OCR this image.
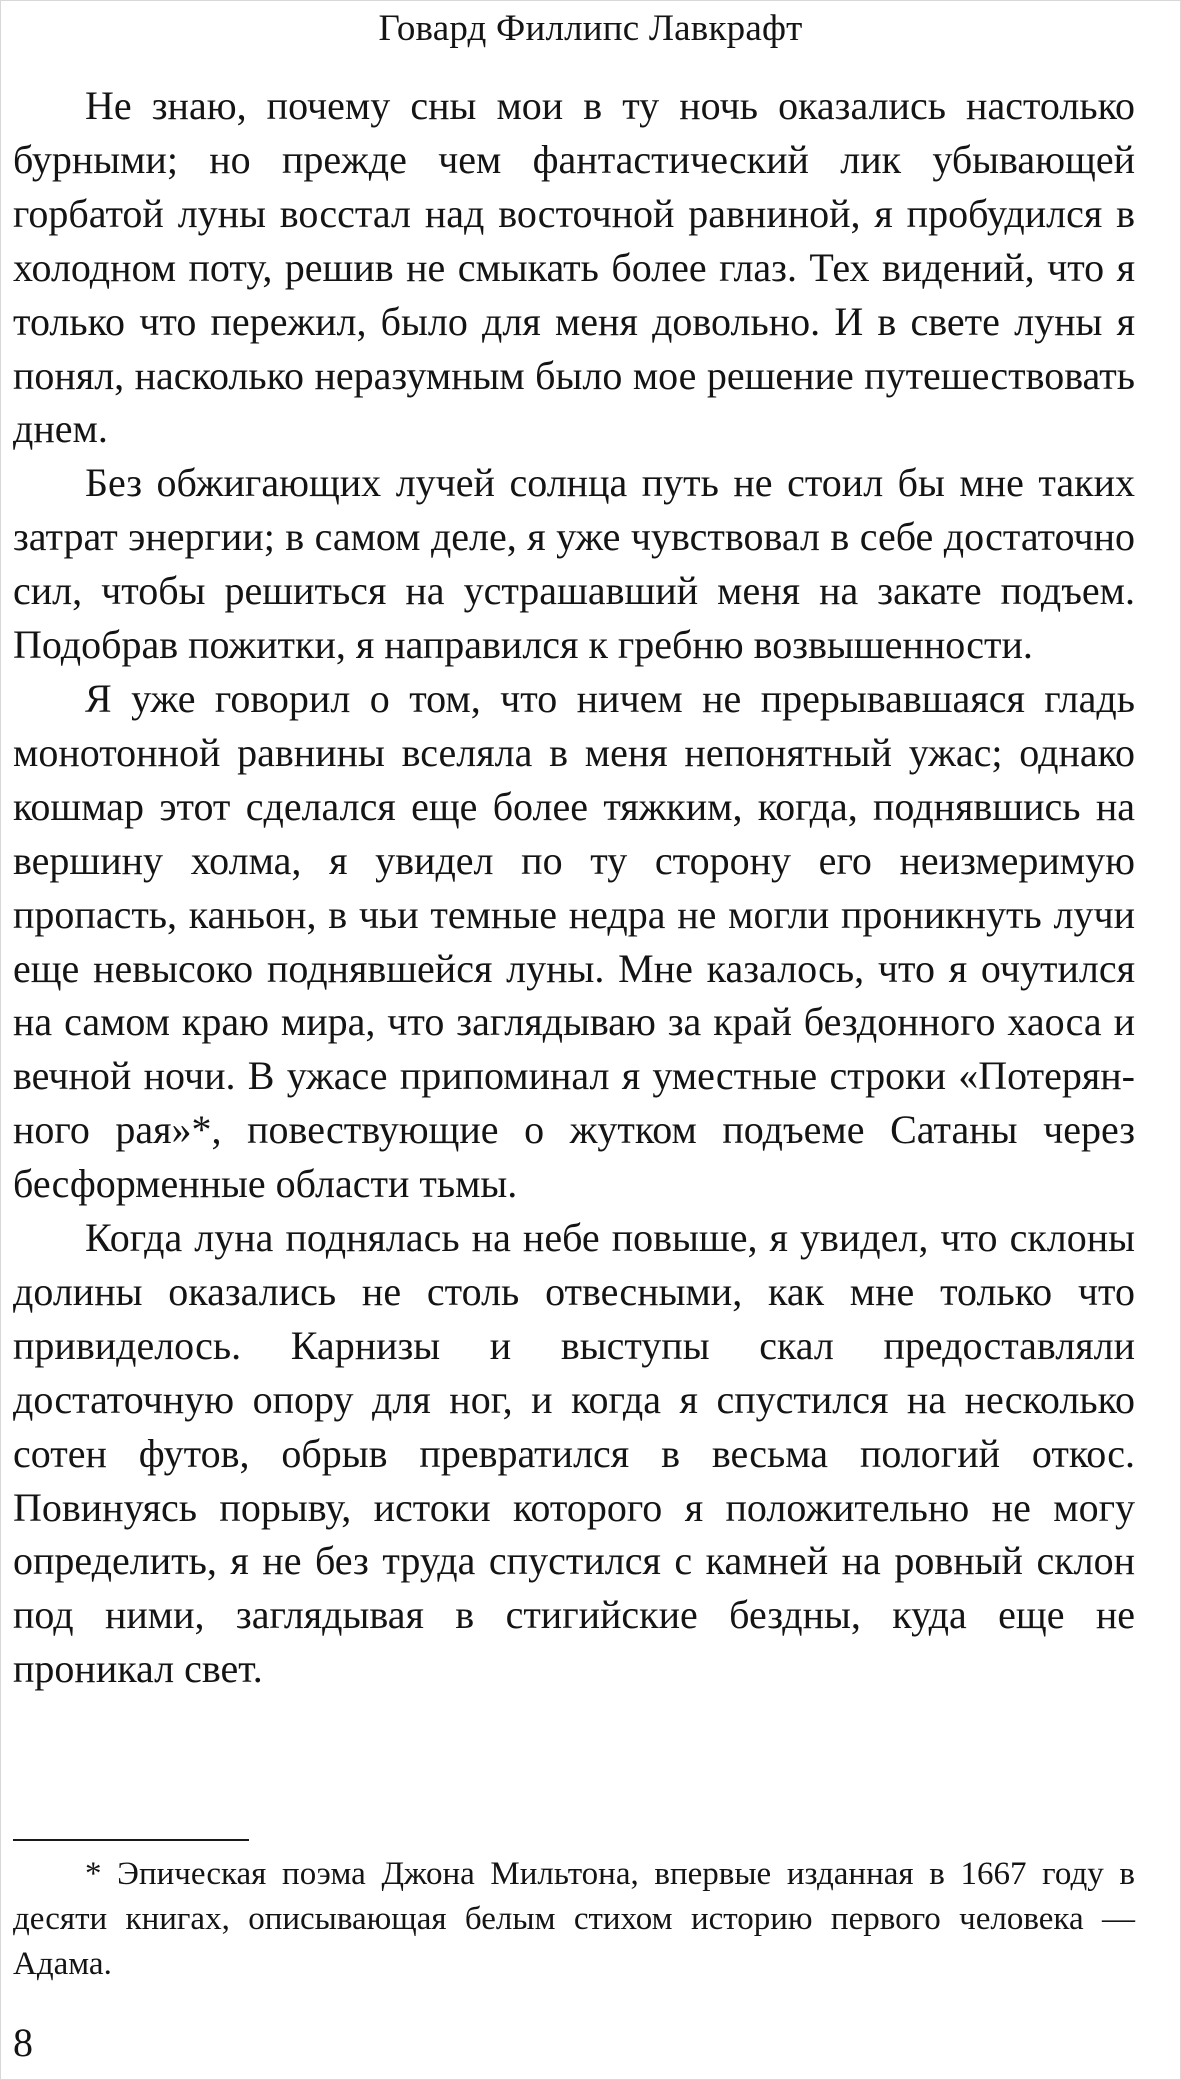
Говард Филлипс Лавкрафт

Не знаю, почему сны мои в ту ночь оказались настолько бурными; но прежде чем фантастический лик убывающей горбатой луны восстал над восточной равниной, я пробудился в холодном поту, решив не смыкать более глаз. Тех видений, что я только что пережил, было для меня довольно. И в свете луны я понял, насколько неразумным было мое решение путешествовать днем.

Без обжигающих лучей солнца путь не стоил бы мне таких затрат энергии; в самом деле, я уже чувствовал в себе достаточно сил, чтобы решиться на устрашавший меня на закате подъем. Подобрав пожитки, я направился к гребню возвышенности.

Я уже говорил о том, что ничем не прерывавшаяся гладь монотонной равнины вселяла в меня непонятный ужас; однако кошмар этот сделался еще более тяжким, когда, поднявшись на вершину холма, я увидел по ту сторону его неизмеримую пропасть, каньон, в чьи темные недра не могли проникнуть лучи еще невысоко поднявшейся луны. Мне казалось, что я очутился на самом краю мира, что заглядываю за край бездонного хаоса и вечной ночи. В ужасе припоминал я уместные строки «Потерянного рая»*, повествующие о жутком подъеме Сатаны через бесформенные области тьмы.

Когда луна поднялась на небе повыше, я увидел, что склоны долины оказались не столь отвесными, как мне только что привиделось. Карнизы и выступы скал предоставляли достаточную опору для ног, и когда я спустился на несколько сотен футов, обрыв превратился в весьма пологий откос. Повинуясь порыву, истоки которого я положительно не могу определить, я не без труда спустился с камней на ровный склон под ними, заглядывая в стигийские бездны, куда еще не проникал свет.

* Эпическая поэма Джона Мильтона, впервые изданная в 1667 году в десяти книгах, описывающая белым стихом историю первого человека — Адама.
8
